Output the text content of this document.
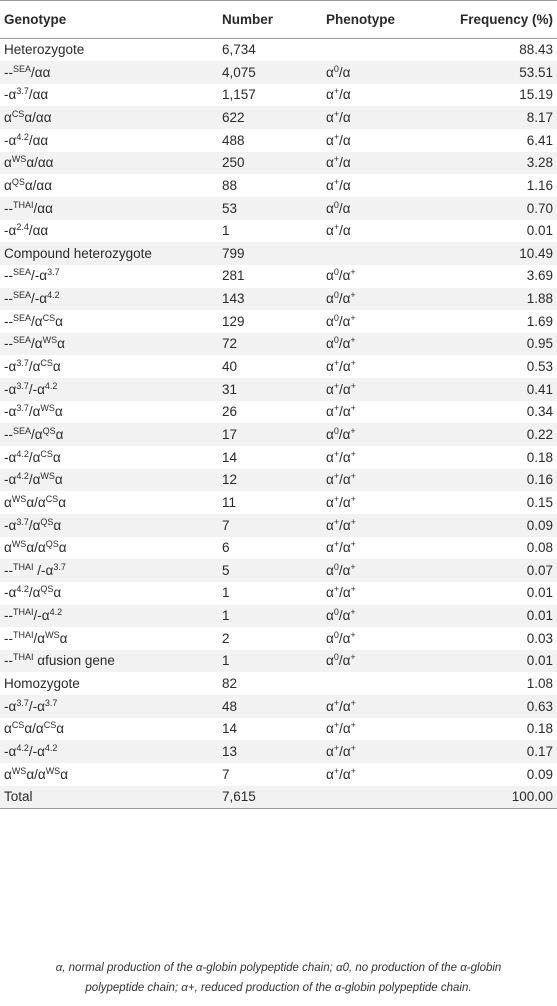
Genotype	Number	Phenotype	Frequency (%)
Heterozygote	6,734		88.43
--$^{SEA}$/αα	4,075	$\alpha^0/\alpha$	53.51
$-\alpha^{3.7}/\alpha\alpha$	1,157	α+/α	15.19
$\alpha^{CS}\alpha/\alpha\alpha$	622	α+/α	8.17
$-\alpha^{4.2}/\alpha\alpha$	488	α+/α	6.41
$\alpha^{WS}\alpha/\alpha\alpha$	250	α+/α	3.28
$\alpha^{QS}\alpha/\alpha\alpha$	88	α+/α	1.16
--$^{THAI}$/αα	53	$\alpha^0/\alpha$	0.70
$-\alpha^{2.4}/\alpha\alpha$	1	α+/α	0.01
Compound heterozygote	799		10.49
$--^{SEA}/-\alpha^{3.7}$	281	$\alpha^0/\alpha^+$	3.69
$--^{SEA}/-\alpha^{4.2}$	143	$\alpha^0/\alpha^+$	1.88
$--^{SEA}/\alpha^{CS}\alpha$	129	$\alpha^0/\alpha^+$	1.69
$--^{SEA}/\alpha^{WS}\alpha$	72	$\alpha^0/\alpha^+$	0.95
$-\alpha^{3.7}/\alpha^{CS}\alpha$	40	α+/α+	0.53
$-\alpha^{3.7}/-\alpha^{4.2}$	31	α+/α+	0.41
$-\alpha^{3.7}/\alpha^{WS}\alpha$	26	α+/α+	0.34
$--^{SEA}/\alpha^{QS}\alpha$	17	$\alpha^0/\alpha^+$	0.22
$-\alpha^{4.2}/\alpha^{CS}\alpha$	14	α+/α+	0.18
$-\alpha^{4.2}/\alpha^{WS}\alpha$	12	α+/α+	0.16
$\alpha^{WS}\alpha/\alpha^{CS}\alpha$	11	α+/α+	0.15
$-\alpha^{3.7}/\alpha^{QS}\alpha$	7	α+/α+	0.09
$\alpha^{WS}\alpha/\alpha^{QS}\alpha$	6	α+/α+	0.08
--$^{THAI}$ $/-\alpha^{3.7}$	5	$\alpha^0/\alpha^+$	0.07
$-\alpha^{4.2}/\alpha^{QS}\alpha$	1	α+/α+	0.01
$--^{THAI}/-\alpha^{4.2}$	1	$\alpha^0/\alpha^+$	0.01
$--^{THAI}/\alpha^{WS}\alpha$	2	$\alpha^0/\alpha^+$	0.03
--$^{THAI}$ αfusion gene	1	$\alpha^0/\alpha^+$	0.01
Homozygote	82		1.08
$-\alpha^{3.7}/-\alpha^{3.7}$	48	α+/α+	0.63
$\alpha^{CS}\alpha/\alpha^{CS}\alpha$	14	α+/α+	0.18
$-\alpha^{4.2}/-\alpha^{4.2}$	13	α+/α+	0.17
$\alpha^{WS}\alpha/\alpha^{WS}\alpha$	7	α+/α+	0.09
Total	7,615		100.00
α, normal production of the α-globin polypeptide chain; α0, no production of the α-globin
polypeptide chain; α+, reduced production of the α-globin polypeptide chain.
